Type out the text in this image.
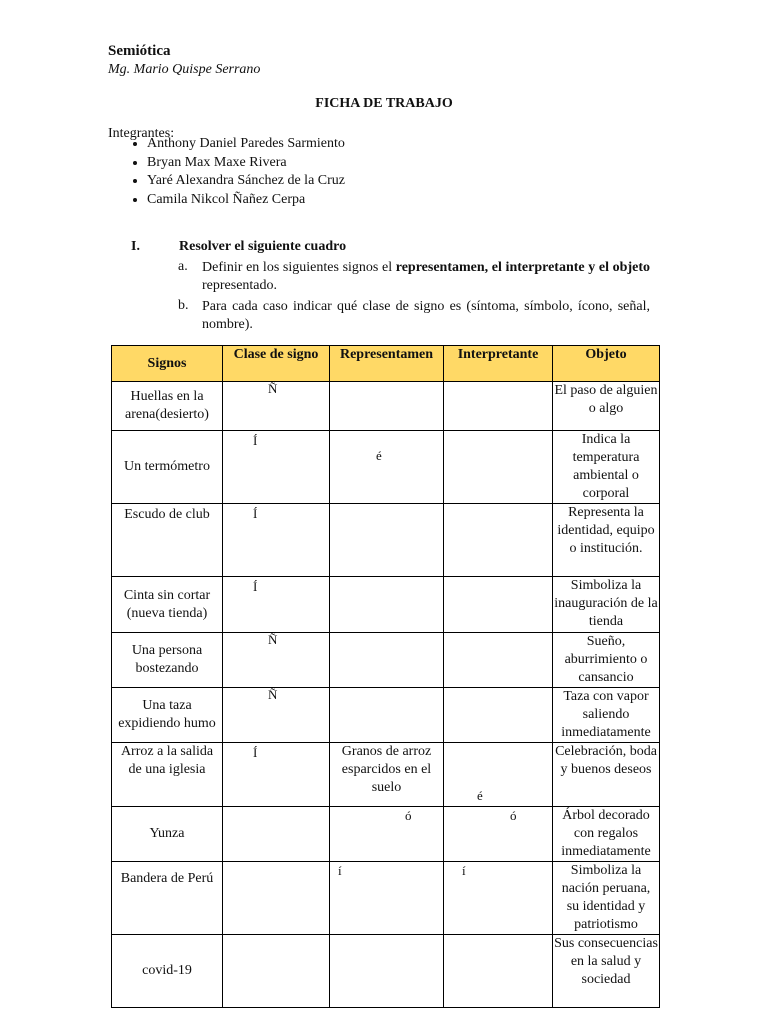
Semiótica
Mg. Mario Quispe Serrano
FICHA DE TRABAJO
Integrantes:
• Anthony Daniel Paredes Sarmiento
• Bryan Max Maxe Rivera
• Yaré Alexandra Sánchez de la Cruz
• Camila Nikcol Ñañez Cerpa
I.	Resolver el siguiente cuadro
a. Definir en los siguientes signos el representamen, el interpretante y el objeto representado.
b. Para cada caso indicar qué clase de signo es (síntoma, símbolo, ícono, señal, nombre).
Signos	Clase de signo	Representamen	Interpretante	Objeto
Huellas en la arena(desierto)	Ñ			El paso de alguien o algo
Un termómetro	Í	é		Indica la temperatura ambiental o corporal
Escudo de club	Í			Representa la identidad, equipo o institución.
Cinta sin cortar (nueva tienda)	Í			Simboliza la inauguración de la tienda
Una persona bostezando	Ñ			Sueño, aburrimiento o cansancio
Una taza expidiendo humo	Ñ			Taza con vapor saliendo inmediatamente
Arroz a la salida de una iglesia	Í	Granos de arroz esparcidos en el suelo	é	Celebración, boda y buenos deseos
Yunza		ó	ó	Árbol decorado con regalos inmediatamente
Bandera de Perú		í	í	Simboliza la nación peruana, su identidad y patriotismo
covid-19				Sus consecuencias en la salud y sociedad
